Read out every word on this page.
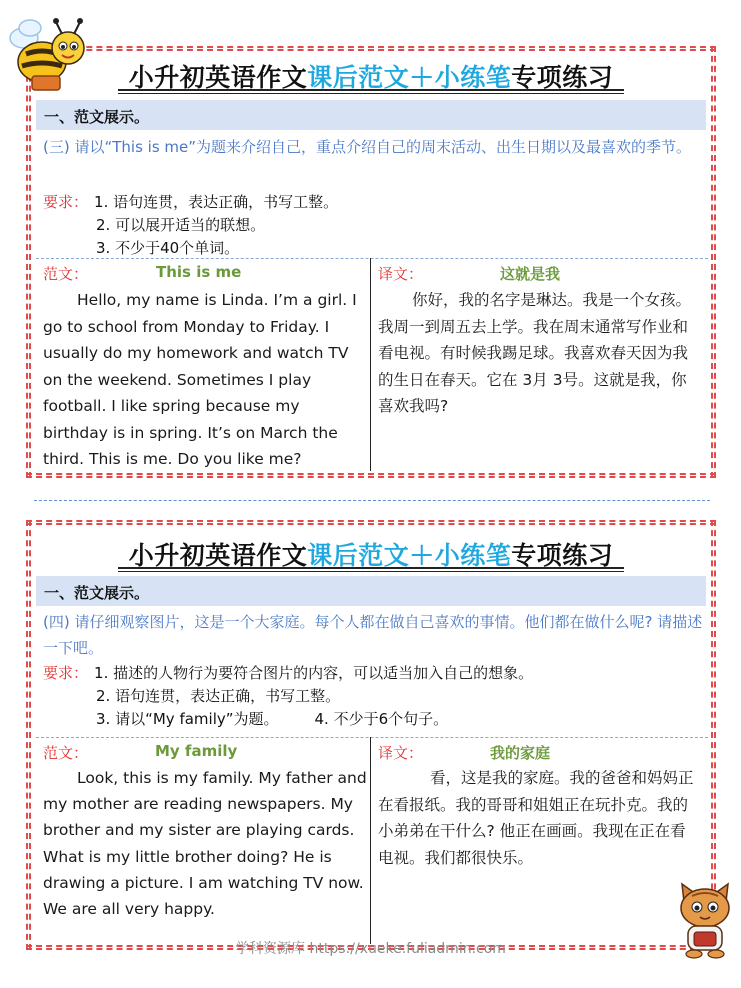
小升初英语作文课后范文＋小练笔专项练习
一、范文展示。
(三) 请以“This is me”为题来介绍自己，重点介绍自己的周末活动、出生日期以及最喜欢的季节。
要求： 1. 语句连贯，表达正确，书写工整。
2. 可以展开适当的联想。
3. 不少于40个单词。
范文：	This is me	译文：	这就是我
Hello, my name is Linda. I’m a girl. I go to school from Monday to Friday. I usually do my homework and watch TV on the weekend. Sometimes I play football. I like spring because my birthday is in spring. It’s on March the third. This is me. Do you like me?
你好，我的名字是琳达。我是一个女孩。我周一到周五去上学。我在周末通常写作业和看电视。有时候我踢足球。我喜欢春天因为我的生日在春天。它在 3月 3号。这就是我，你喜欢我吗?
小升初英语作文课后范文＋小练笔专项练习
一、范文展示。
(四) 请仔细观察图片，这是一个大家庭。每个人都在做自己喜欢的事情。他们都在做什么呢? 请描述一下吧。
要求： 1. 描述的人物行为要符合图片的内容，可以适当加入自己的想象。
2. 语句连贯，表达正确，书写工整。
3. 请以“My family”为题。 4. 不少于6个句子。
范文：	My family	译文：	我的家庭
Look, this is my family. My father and my mother are reading newspapers. My brother and my sister are playing cards. What is my little brother doing? He is drawing a picture. I am watching TV now. We are all very happy.
看，这是我的家庭。我的爸爸和妈妈正在看报纸。我的哥哥和姐姐正在玩扑克。我的小弟弟在干什么? 他正在画画。我现在正在看电视。我们都很快乐。
学科资源库 https://xueke.fuliadmin.com
